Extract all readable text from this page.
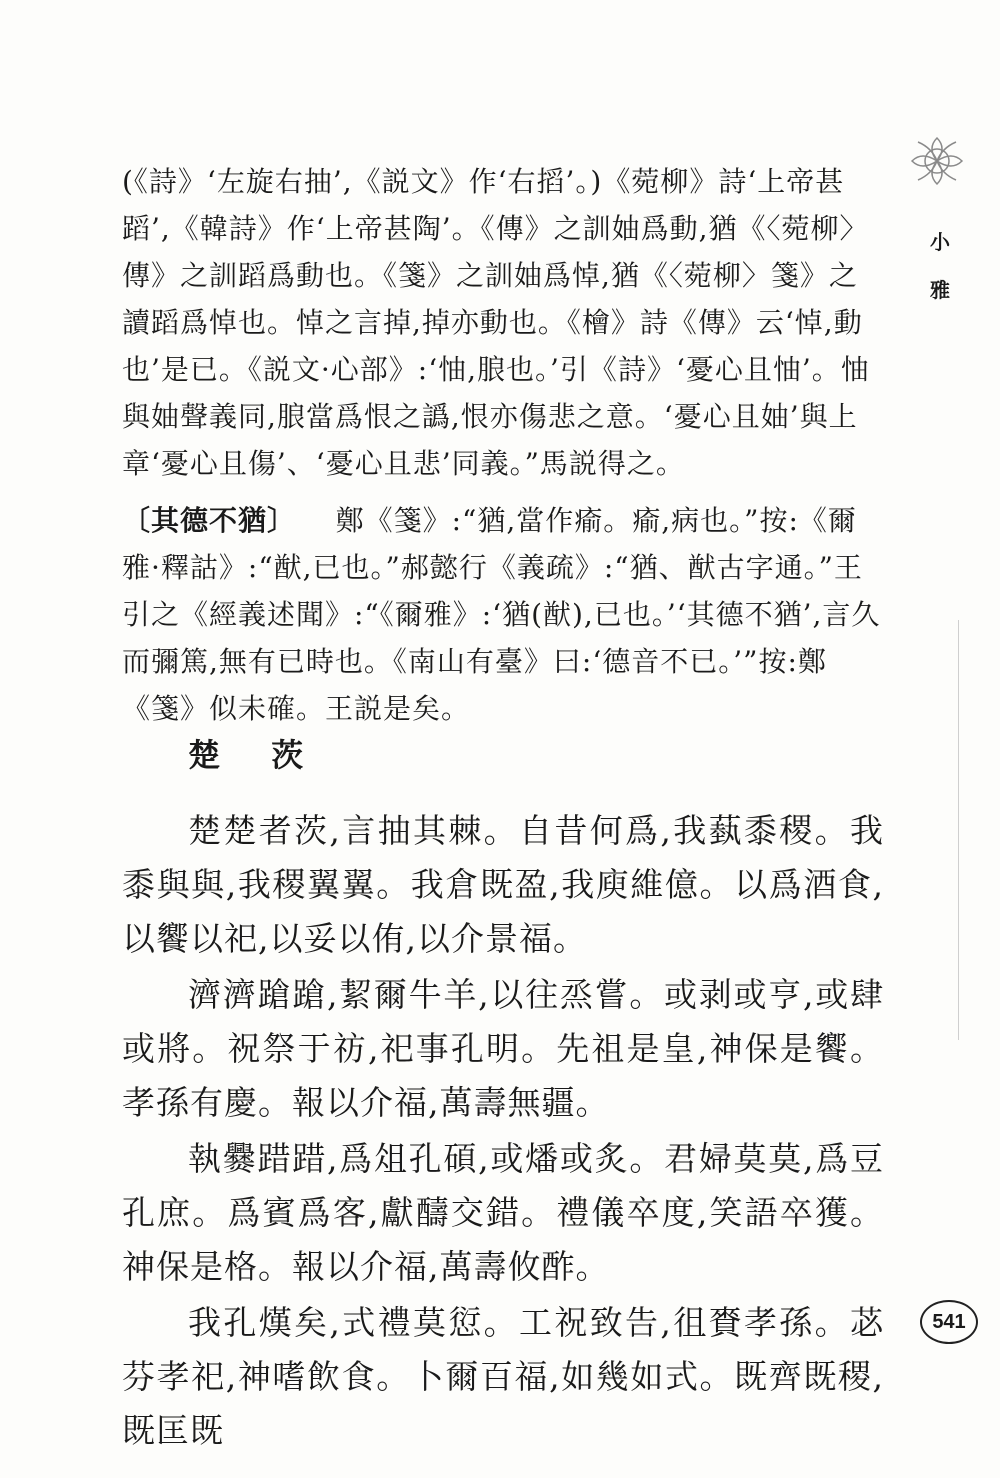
(《詩》‘左旋右抽’,《説文》作‘右搯’。)《菀柳》詩‘上帝甚蹈’,《韓詩》作‘上帝甚陶’。《傳》之訓妯爲動,猶《〈菀柳〉傳》之訓蹈爲動也。《箋》之訓妯爲悼,猶《〈菀柳〉箋》之讀蹈爲悼也。悼之言掉,掉亦動也。《檜》詩《傳》云‘悼,動也’是已。《説文·心部》:‘怞,朖也。’引《詩》‘憂心且怞’。怞與妯聲義同,朖當爲恨之譌,恨亦傷悲之意。‘憂心且妯’與上章‘憂心且傷’、‘憂心且悲’同義。”馬説得之。

〔其德不猶〕 鄭《箋》:“猶,當作瘉。瘉,病也。”按:《爾雅·釋詁》:“猷,已也。”郝懿行《義疏》:“猶、猷古字通。”王引之《經義述聞》:“《爾雅》:‘猶(猷),已也。’‘其德不猶’,言久而彌篤,無有已時也。《南山有臺》曰:‘德音不已。’”按:鄭《箋》似未確。王説是矣。

楚 茨

楚楚者茨,言抽其棘。自昔何爲,我蓺黍稷。我黍與與,我稷翼翼。我倉既盈,我庾維億。以爲酒食,以饗以祀,以妥以侑,以介景福。

濟濟蹌蹌,絜爾牛羊,以往烝嘗。或剥或亨,或肆或將。祝祭于祊,祀事孔明。先祖是皇,神保是饗。孝孫有慶。報以介福,萬壽無疆。

執爨踖踖,爲俎孔碩,或燔或炙。君婦莫莫,爲豆孔庶。爲賓爲客,獻醻交錯。禮儀卒度,笑語卒獲。神保是格。報以介福,萬壽攸酢。

我孔熯矣,式禮莫愆。工祝致告,徂賚孝孫。苾芬孝祀,神嗜飲食。卜爾百福,如幾如式。既齊既稷,既匡既

小
雅
541
